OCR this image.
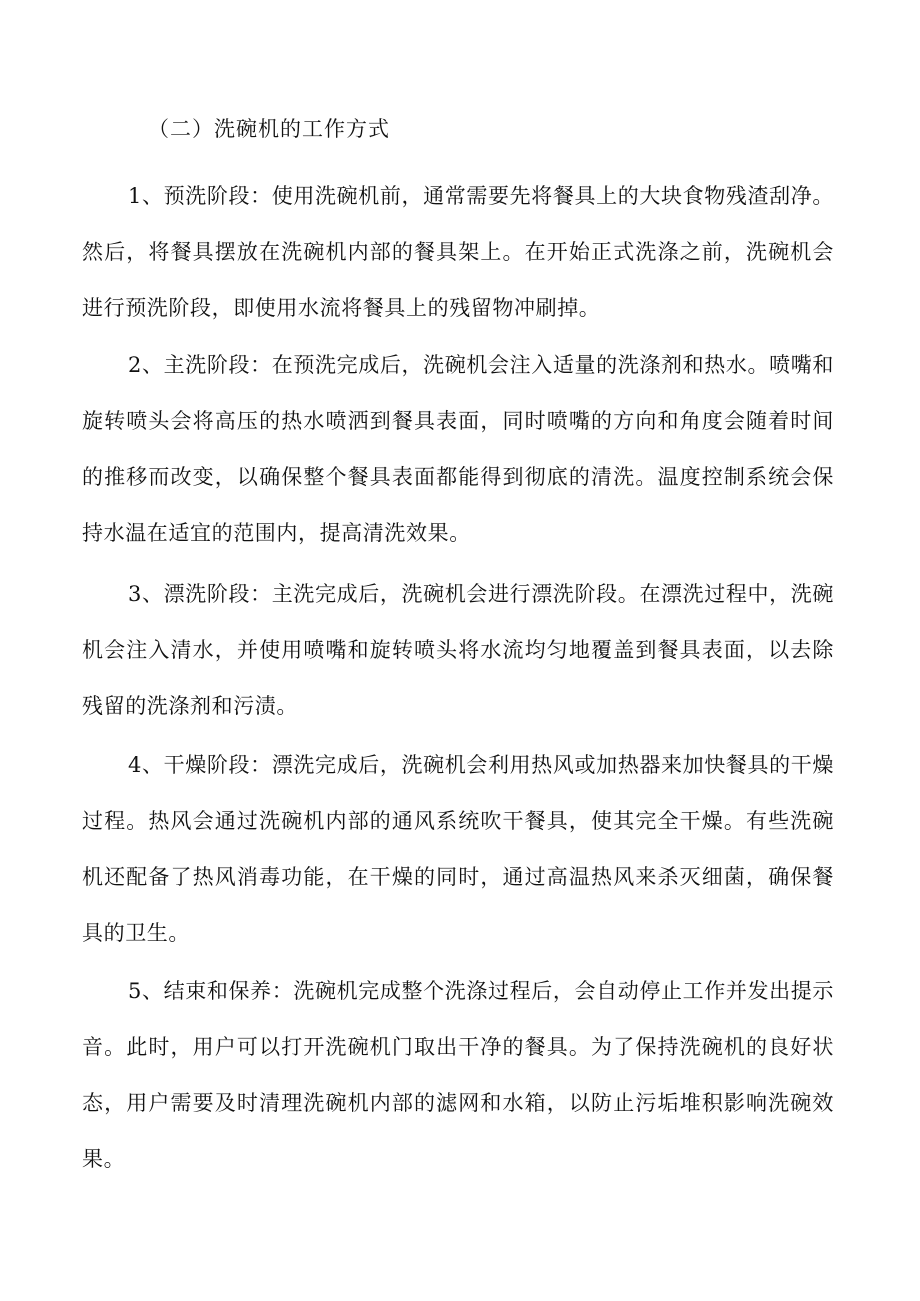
（二）洗碗机的工作方式

1、预洗阶段：使用洗碗机前，通常需要先将餐具上的大块食物残渣刮净。然后，将餐具摆放在洗碗机内部的餐具架上。在开始正式洗涤之前，洗碗机会进行预洗阶段，即使用水流将餐具上的残留物冲刷掉。

2、主洗阶段：在预洗完成后，洗碗机会注入适量的洗涤剂和热水。喷嘴和旋转喷头会将高压的热水喷洒到餐具表面，同时喷嘴的方向和角度会随着时间的推移而改变，以确保整个餐具表面都能得到彻底的清洗。温度控制系统会保持水温在适宜的范围内，提高清洗效果。

3、漂洗阶段：主洗完成后，洗碗机会进行漂洗阶段。在漂洗过程中，洗碗机会注入清水，并使用喷嘴和旋转喷头将水流均匀地覆盖到餐具表面，以去除残留的洗涤剂和污渍。

4、干燥阶段：漂洗完成后，洗碗机会利用热风或加热器来加快餐具的干燥过程。热风会通过洗碗机内部的通风系统吹干餐具，使其完全干燥。有些洗碗机还配备了热风消毒功能，在干燥的同时，通过高温热风来杀灭细菌，确保餐具的卫生。

5、结束和保养：洗碗机完成整个洗涤过程后，会自动停止工作并发出提示音。此时，用户可以打开洗碗机门取出干净的餐具。为了保持洗碗机的良好状态，用户需要及时清理洗碗机内部的滤网和水箱，以防止污垢堆积影响洗碗效果。
